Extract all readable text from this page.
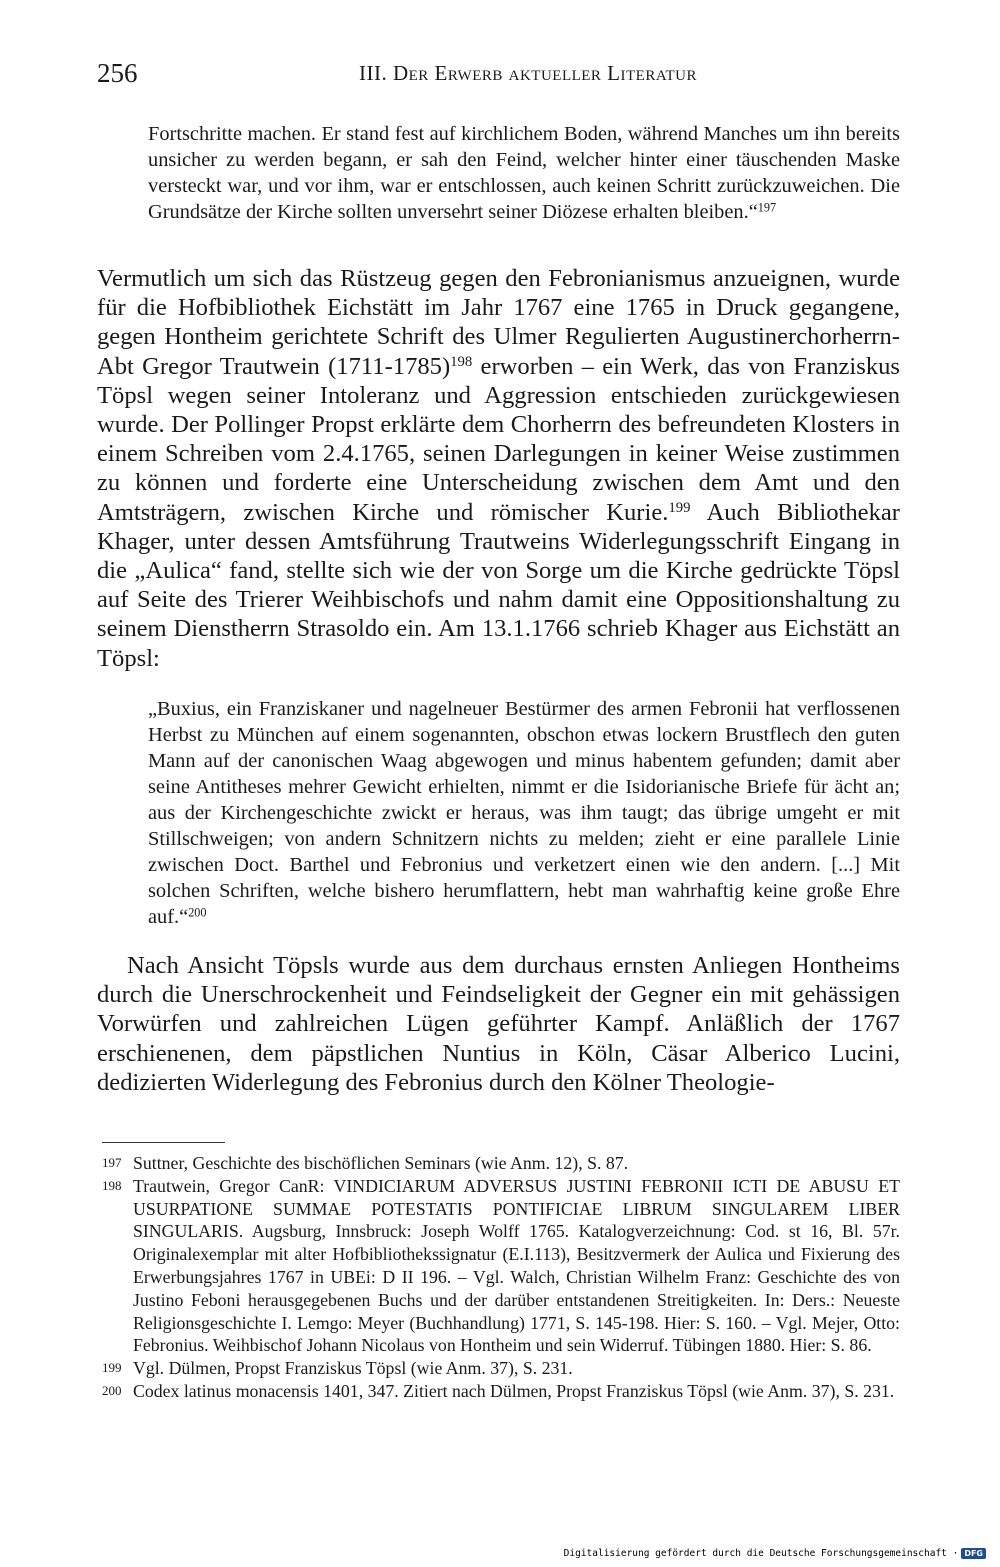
256	III. Der Erwerb aktueller Literatur

Fortschritte machen. Er stand fest auf kirchlichem Boden, während Manches um ihn bereits unsicher zu werden begann, er sah den Feind, welcher hinter einer täuschenden Maske versteckt war, und vor ihm, war er entschlossen, auch keinen Schritt zurückzuweichen. Die Grundsätze der Kirche sollten unversehrt seiner Diözese erhalten bleiben.“$^{197}$

Vermutlich um sich das Rüstzeug gegen den Febronianismus anzueignen, wurde für die Hofbibliothek Eichstätt im Jahr 1767 eine 1765 in Druck gegangene, gegen Hontheim gerichtete Schrift des Ulmer Regulierten Augustinerchorherrn-Abt Gregor Trautwein (1711-1785)$^{198}$ erworben – ein Werk, das von Franziskus Töpsl wegen seiner Intoleranz und Aggression entschieden zurückgewiesen wurde. Der Pollinger Propst erklärte dem Chorherrn des befreundeten Klosters in einem Schreiben vom 2.4.1765, seinen Darlegungen in keiner Weise zustimmen zu können und forderte eine Unterscheidung zwischen dem Amt und den Amtsträgern, zwischen Kirche und römischer Kurie.$^{199}$ Auch Bibliothekar Khager, unter dessen Amtsführung Trautweins Widerlegungsschrift Eingang in die „Aulica“ fand, stellte sich wie der von Sorge um die Kirche gedrückte Töpsl auf Seite des Trierer Weihbischofs und nahm damit eine Oppositionshaltung zu seinem Dienstherrn Strasoldo ein. Am 13.1.1766 schrieb Khager aus Eichstätt an Töpsl:

„Buxius, ein Franziskaner und nagelneuer Bestürmer des armen Febronii hat verflossenen Herbst zu München auf einem sogenannten, obschon etwas lockern Brustflech den guten Mann auf der canonischen Waag abgewogen und minus habentem gefunden; damit aber seine Antitheses mehrer Gewicht erhielten, nimmt er die Isidorianische Briefe für ächt an; aus der Kirchengeschichte zwickt er heraus, was ihm taugt; das übrige umgeht er mit Stillschweigen; von andern Schnitzern nichts zu melden; zieht er eine parallele Linie zwischen Doct. Barthel und Febronius und verketzert einen wie den andern. [...] Mit solchen Schriften, welche bishero herumflattern, hebt man wahrhaftig keine große Ehre auf.“$^{200}$

Nach Ansicht Töpsls wurde aus dem durchaus ernsten Anliegen Hontheims durch die Unerschrockenheit und Feindseligkeit der Gegner ein mit gehässigen Vorwürfen und zahlreichen Lügen geführter Kampf. Anläßlich der 1767 erschienenen, dem päpstlichen Nuntius in Köln, Cäsar Alberico Lucini, dedizierten Widerlegung des Febronius durch den Kölner Theologie-

197 Suttner, Geschichte des bischöflichen Seminars (wie Anm. 12), S. 87.
198 Trautwein, Gregor CanR: VINDICIARUM ADVERSUS JUSTINI FEBRONII ICTI DE ABUSU ET USURPATIONE SUMMAE POTESTATIS PONTIFICIAE LIBRUM SINGULAREM LIBER SINGULARIS. Augsburg, Innsbruck: Joseph Wolff 1765. Katalogverzeichnung: Cod. st 16, Bl. 57r. Originalexemplar mit alter Hofbibliothekssignatur (E.I.113), Besitzvermerk der Aulica und Fixierung des Erwerbungsjahres 1767 in UBEi: D II 196. – Vgl. Walch, Christian Wilhelm Franz: Geschichte des von Justino Feboni herausgegebenen Buchs und der darüber entstandenen Streitigkeiten. In: Ders.: Neueste Religionsgeschichte I. Lemgo: Meyer (Buchhandlung) 1771, S. 145-198. Hier: S. 160. – Vgl. Mejer, Otto: Febronius. Weihbischof Johann Nicolaus von Hontheim und sein Widerruf. Tübingen 1880. Hier: S. 86.
199 Vgl. Dülmen, Propst Franziskus Töpsl (wie Anm. 37), S. 231.
200 Codex latinus monacensis 1401, 347. Zitiert nach Dülmen, Propst Franziskus Töpsl (wie Anm. 37), S. 231.
Digitalisierung gefördert durch die Deutsche Forschungsgemeinschaft · DFG
